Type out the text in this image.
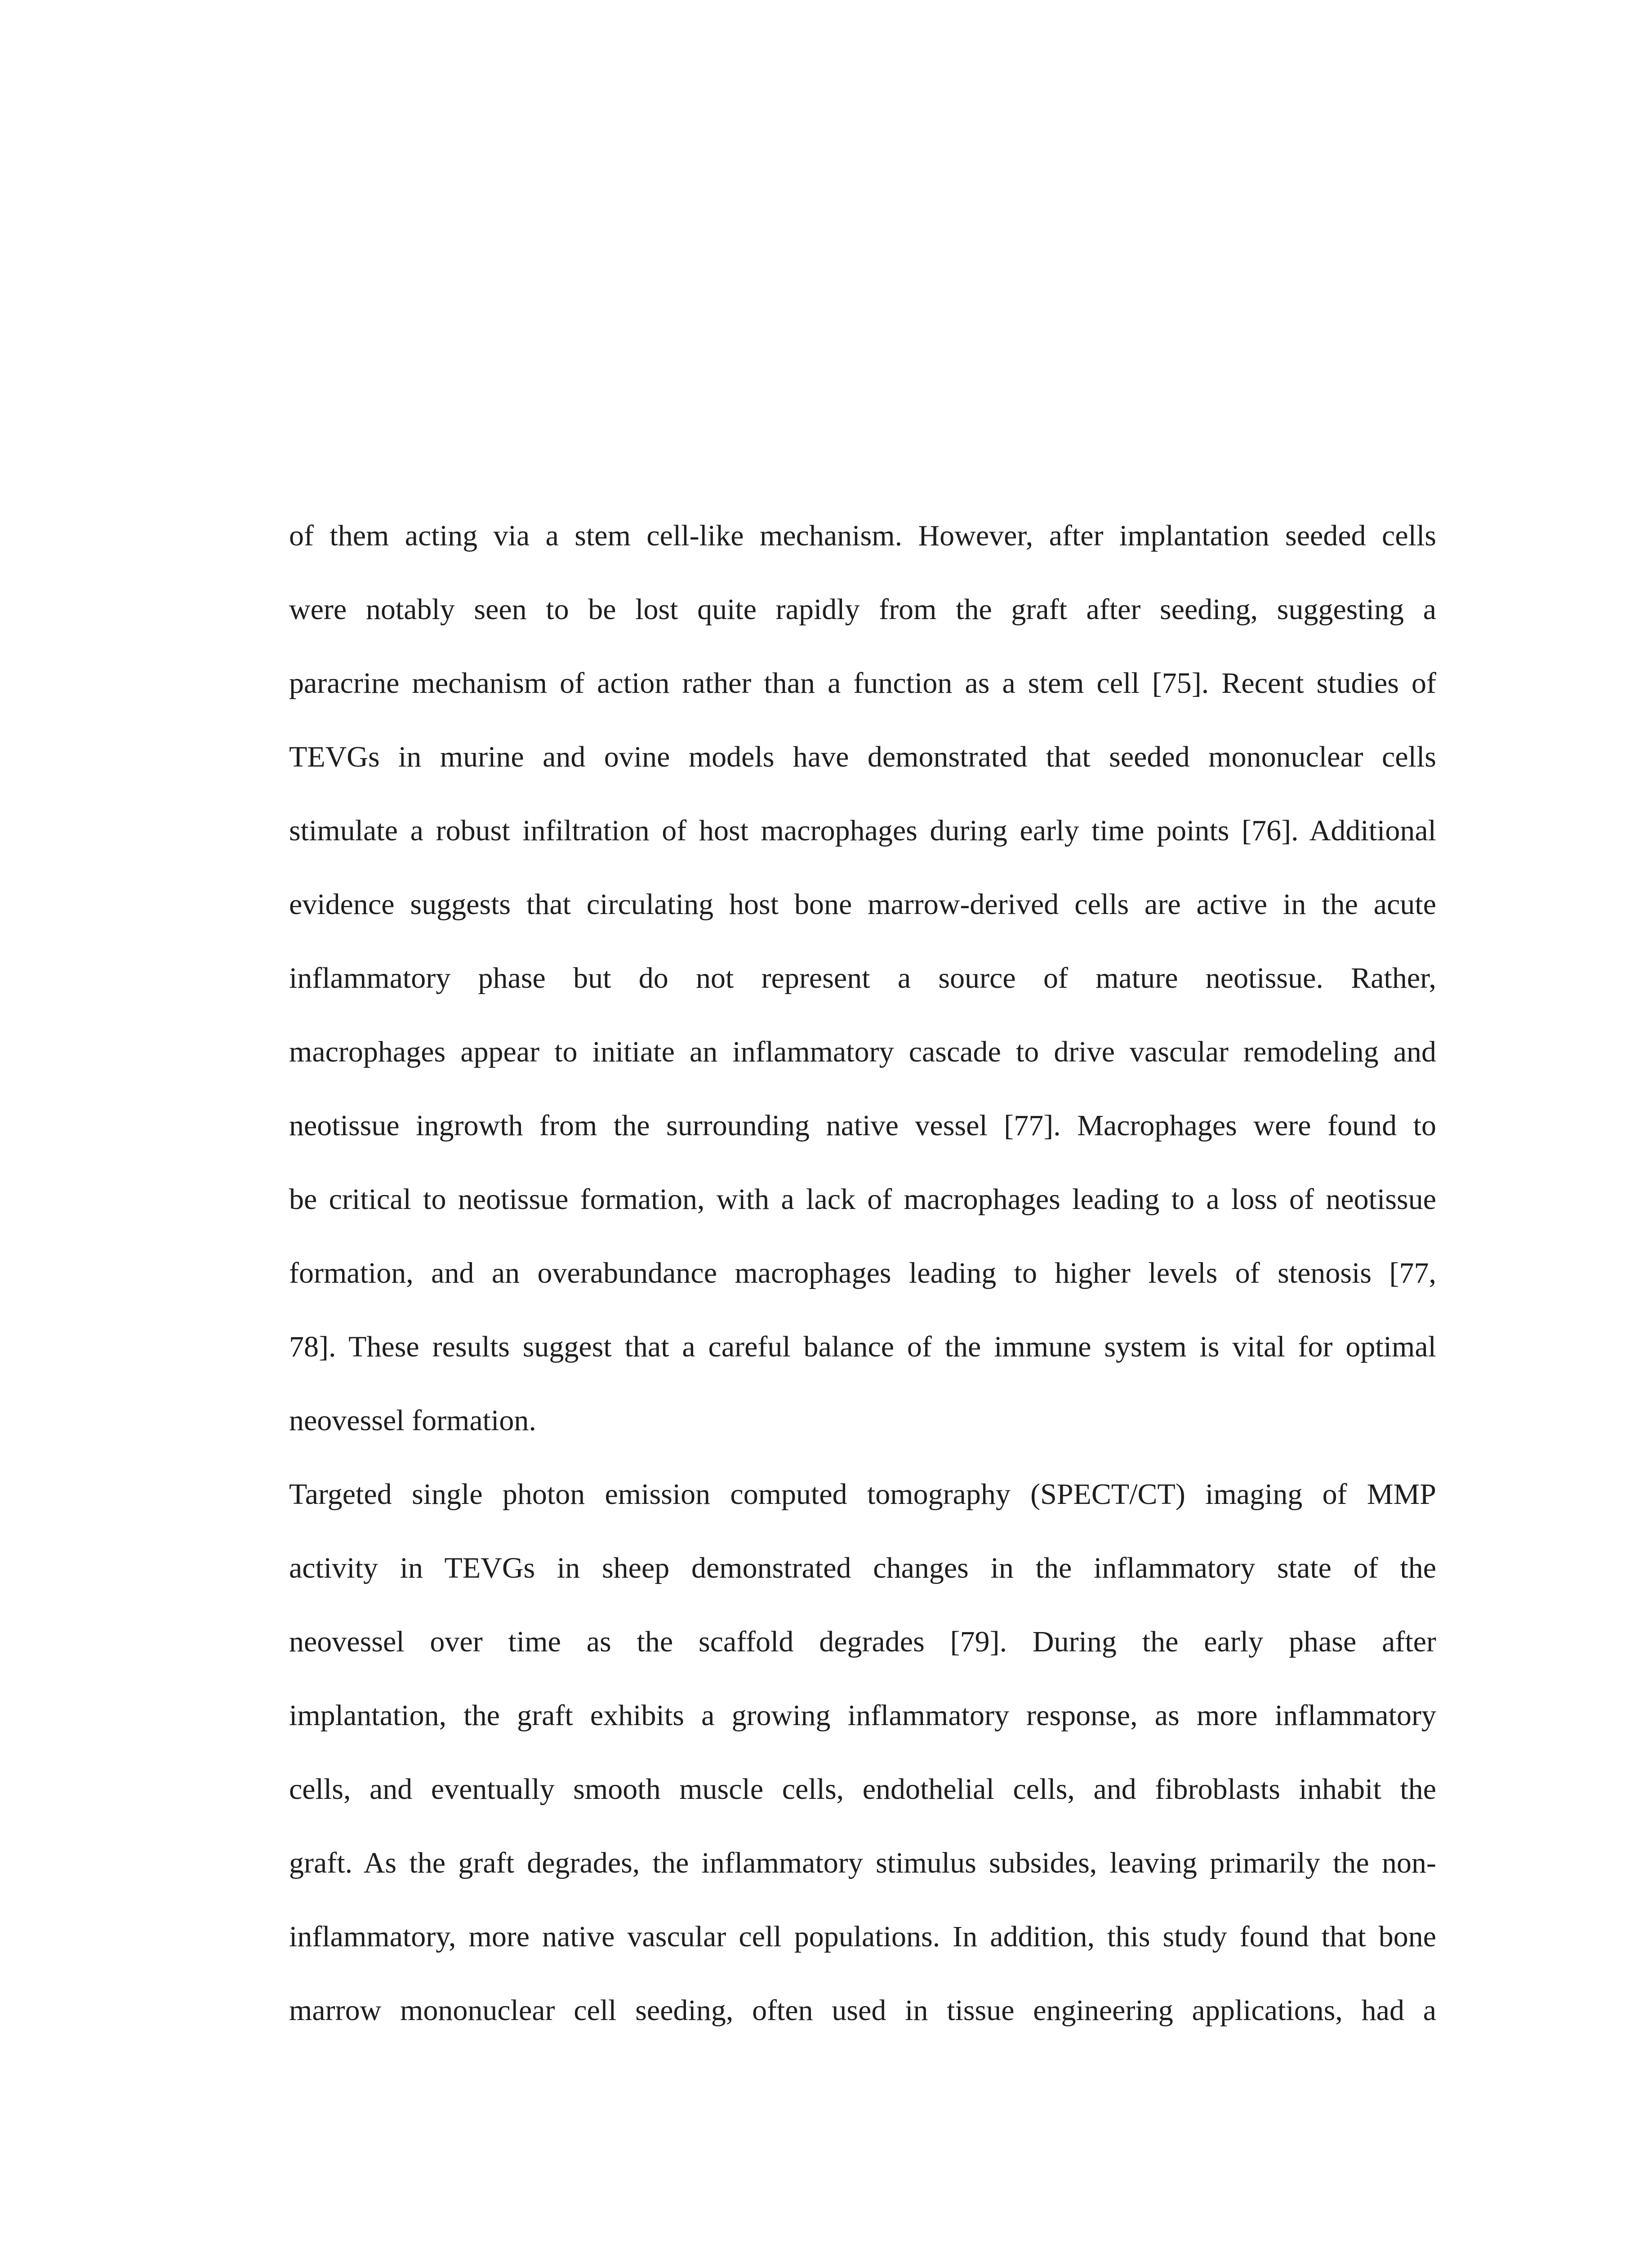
of them acting via a stem cell-like mechanism. However, after implantation seeded cells
were notably seen to be lost quite rapidly from the graft after seeding, suggesting a
paracrine mechanism of action rather than a function as a stem cell [75]. Recent studies of
TEVGs in murine and ovine models have demonstrated that seeded mononuclear cells
stimulate a robust infiltration of host macrophages during early time points [76]. Additional
evidence suggests that circulating host bone marrow-derived cells are active in the acute
inflammatory phase but do not represent a source of mature neotissue. Rather,
macrophages appear to initiate an inflammatory cascade to drive vascular remodeling and
neotissue ingrowth from the surrounding native vessel [77]. Macrophages were found to
be critical to neotissue formation, with a lack of macrophages leading to a loss of neotissue
formation, and an overabundance macrophages leading to higher levels of stenosis [77,
78]. These results suggest that a careful balance of the immune system is vital for optimal
neovessel formation.
Targeted single photon emission computed tomography (SPECT/CT) imaging of MMP
activity in TEVGs in sheep demonstrated changes in the inflammatory state of the
neovessel over time as the scaffold degrades [79]. During the early phase after
implantation, the graft exhibits a growing inflammatory response, as more inflammatory
cells, and eventually smooth muscle cells, endothelial cells, and fibroblasts inhabit the
graft. As the graft degrades, the inflammatory stimulus subsides, leaving primarily the non-
inflammatory, more native vascular cell populations. In addition, this study found that bone
marrow mononuclear cell seeding, often used in tissue engineering applications, had a
